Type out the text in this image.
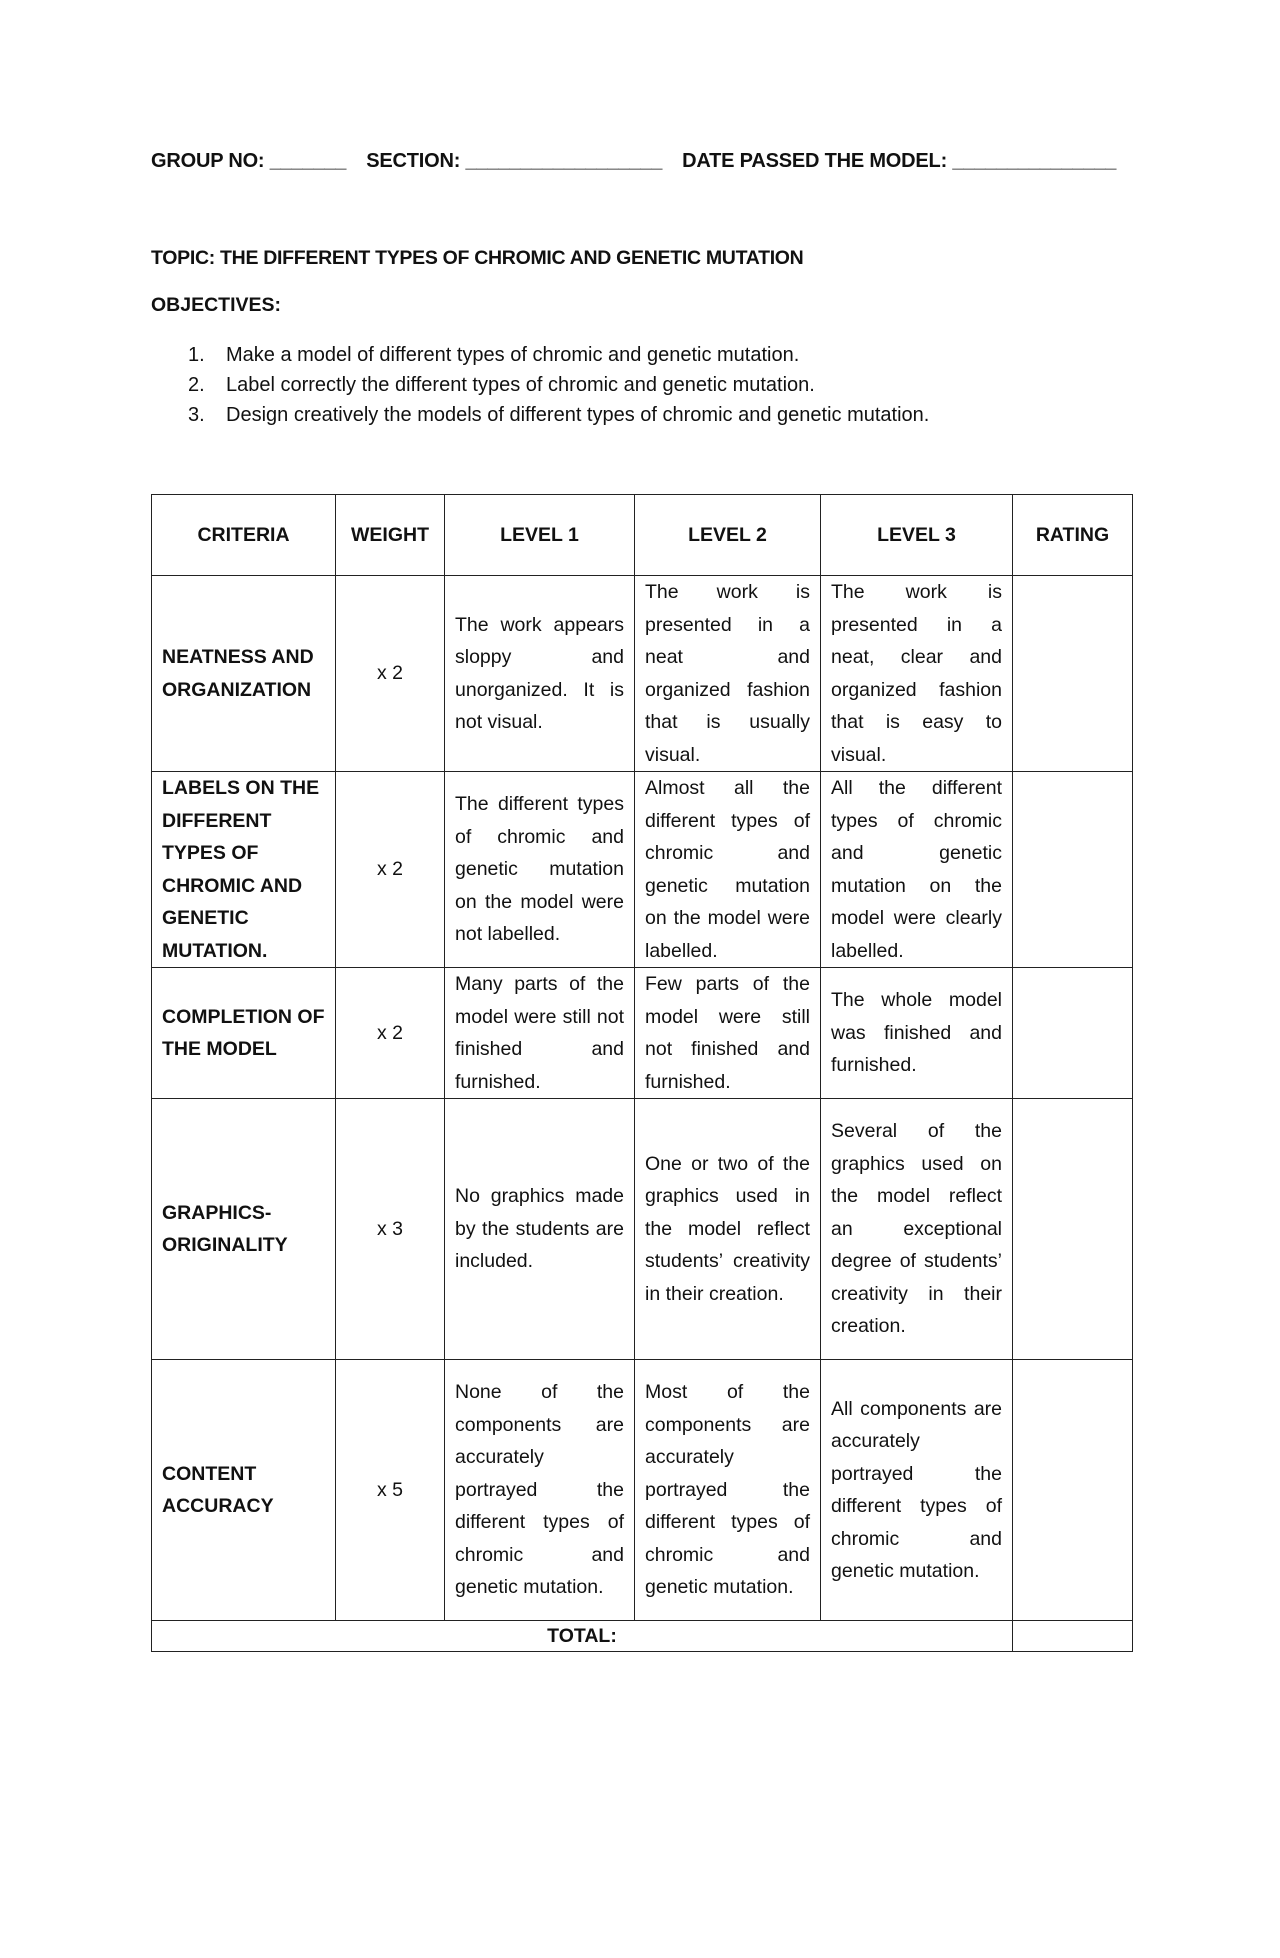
GROUP NO: _______ SECTION: __________________ DATE PASSED THE MODEL: _______________
TOPIC: THE DIFFERENT TYPES OF CHROMIC AND GENETIC MUTATION
OBJECTIVES:
1. Make a model of different types of chromic and genetic mutation.
2. Label correctly the different types of chromic and genetic mutation.
3. Design creatively the models of different types of chromic and genetic mutation.
CRITERIA	WEIGHT	LEVEL 1	LEVEL 2	LEVEL 3	RATING
NEATNESS AND ORGANIZATION	x 2	The work appears sloppy and unorganized. It is not visual.	The work is presented in a neat and organized fashion that is usually visual.	The work is presented in a neat, clear and organized fashion that is easy to visual.	
LABELS ON THE DIFFERENT TYPES OF CHROMIC AND GENETIC MUTATION.	x 2	The different types of chromic and genetic mutation on the model were not labelled.	Almost all the different types of chromic and genetic mutation on the model were labelled.	All the different types of chromic and genetic mutation on the model were clearly labelled.	
COMPLETION OF THE MODEL	x 2	Many parts of the model were still not finished and furnished.	Few parts of the model were still not finished and furnished.	The whole model was finished and furnished.	
GRAPHICS-ORIGINALITY	x 3	No graphics made by the students are included.	One or two of the graphics used in the model reflect students’ creativity in their creation.	Several of the graphics used on the model reflect an exceptional degree of students’ creativity in their creation.	
CONTENT ACCURACY	x 5	None of the components are accurately portrayed the different types of chromic and genetic mutation.	Most of the components are accurately portrayed the different types of chromic and genetic mutation.	All components are accurately portrayed the different types of chromic and genetic mutation.	
TOTAL:					
